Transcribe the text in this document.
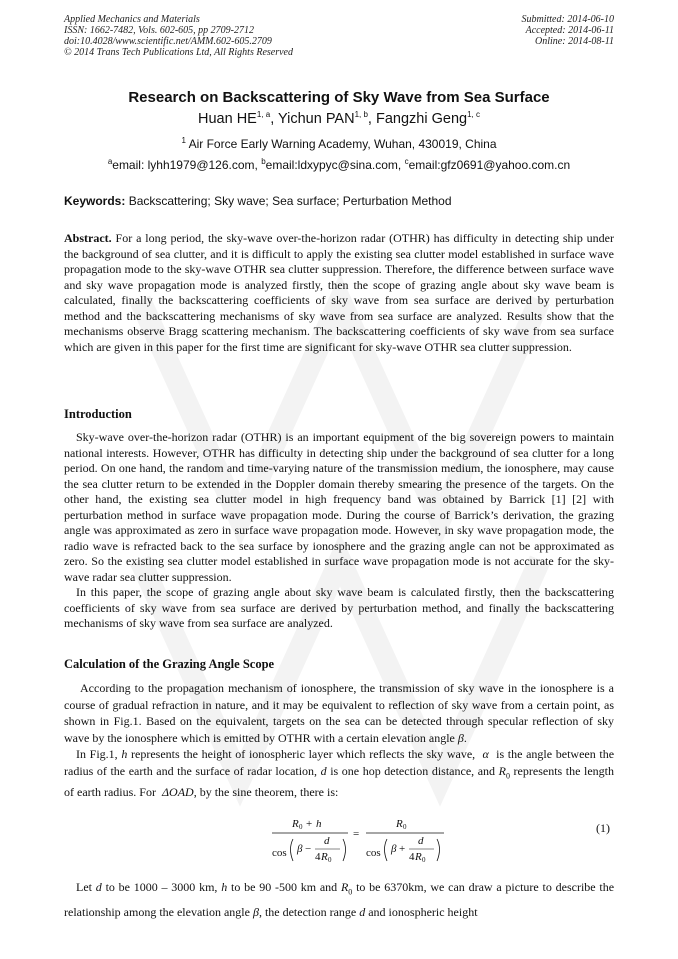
Applied Mechanics and Materials
ISSN: 1662-7482, Vols. 602-605, pp 2709-2712
doi:10.4028/www.scientific.net/AMM.602-605.2709
© 2014 Trans Tech Publications Ltd, All Rights Reserved
Submitted: 2014-06-10
Accepted: 2014-06-11
Online: 2014-08-11
Research on Backscattering of Sky Wave from Sea Surface
Huan HE$^{1, a}$, Yichun PAN$^{1, b}$, Fangzhi Geng$^{1, c}$
$^1$ Air Force Early Warning Academy, Wuhan, 430019, China
$^a$email: lyhh1979@126.com, $^b$email:ldxypyc@sina.com, $^c$email:gfz0691@yahoo.com.cn
Keywords: Backscattering; Sky wave; Sea surface; Perturbation Method

Abstract. For a long period, the sky-wave over-the-horizon radar (OTHR) has difficulty in detecting ship under the background of sea clutter, and it is difficult to apply the existing sea clutter model established in surface wave propagation mode to the sky-wave OTHR sea clutter suppression. Therefore, the difference between surface wave and sky wave propagation mode is analyzed firstly, then the scope of grazing angle about sky wave beam is calculated, finally the backscattering coefficients of sky wave from sea surface are derived by perturbation method and the backscattering mechanisms of sky wave from sea surface are analyzed. Results show that the mechanisms observe Bragg scattering mechanism. The backscattering coefficients of sky wave from sea surface which are given in this paper for the first time are significant for sky-wave OTHR sea clutter suppression.

Introduction

Sky-wave over-the-horizon radar (OTHR) is an important equipment of the big sovereign powers to maintain national interests. However, OTHR has difficulty in detecting ship under the background of sea clutter for a long period. On one hand, the random and time-varying nature of the transmission medium, the ionosphere, may cause the sea clutter return to be extended in the Doppler domain thereby smearing the presence of the targets. On the other hand, the existing sea clutter model in high frequency band was obtained by Barrick [1] [2] with perturbation method in surface wave propagation mode. During the course of Barrick’s derivation, the grazing angle was approximated as zero in surface wave propagation mode. However, in sky wave propagation mode, the radio wave is refracted back to the sea surface by ionosphere and the grazing angle can not be approximated as zero. So the existing sea clutter model established in surface wave propagation mode is not accurate for the sky-wave radar sea clutter suppression.

In this paper, the scope of grazing angle about sky wave beam is calculated firstly, then the backscattering coefficients of sky wave from sea surface are derived by perturbation method, and finally the backscattering mechanisms of sky wave from sea surface are analyzed.

Calculation of the Grazing Angle Scope

According to the propagation mechanism of ionosphere, the transmission of sky wave in the ionosphere is a course of gradual refraction in nature, and it may be equivalent to reflection of sky wave from a certain point, as shown in Fig.1. Based on the equivalent, targets on the sea can be detected through specular reflection of sky wave by the ionosphere which is emitted by OTHR with a certain elevation angle β.

In Fig.1, h represents the height of ionospheric layer which reflects the sky wave, α is the angle between the radius of the earth and the surface of radar location, d is one hop detection distance, and $R_0$ represents the length of earth radius. For ΔOAD, by the sine theorem, there is:

R 0 + h
cos β −
d
4 R 0
=
R 0
cos β +
d
4 R 0
(1)

Let d to be 1000 – 3000 km, h to be 90 -500 km and $R_0$ to be 6370km, we can draw a picture to describe the relationship among the elevation angle β, the detection range d and ionospheric height
